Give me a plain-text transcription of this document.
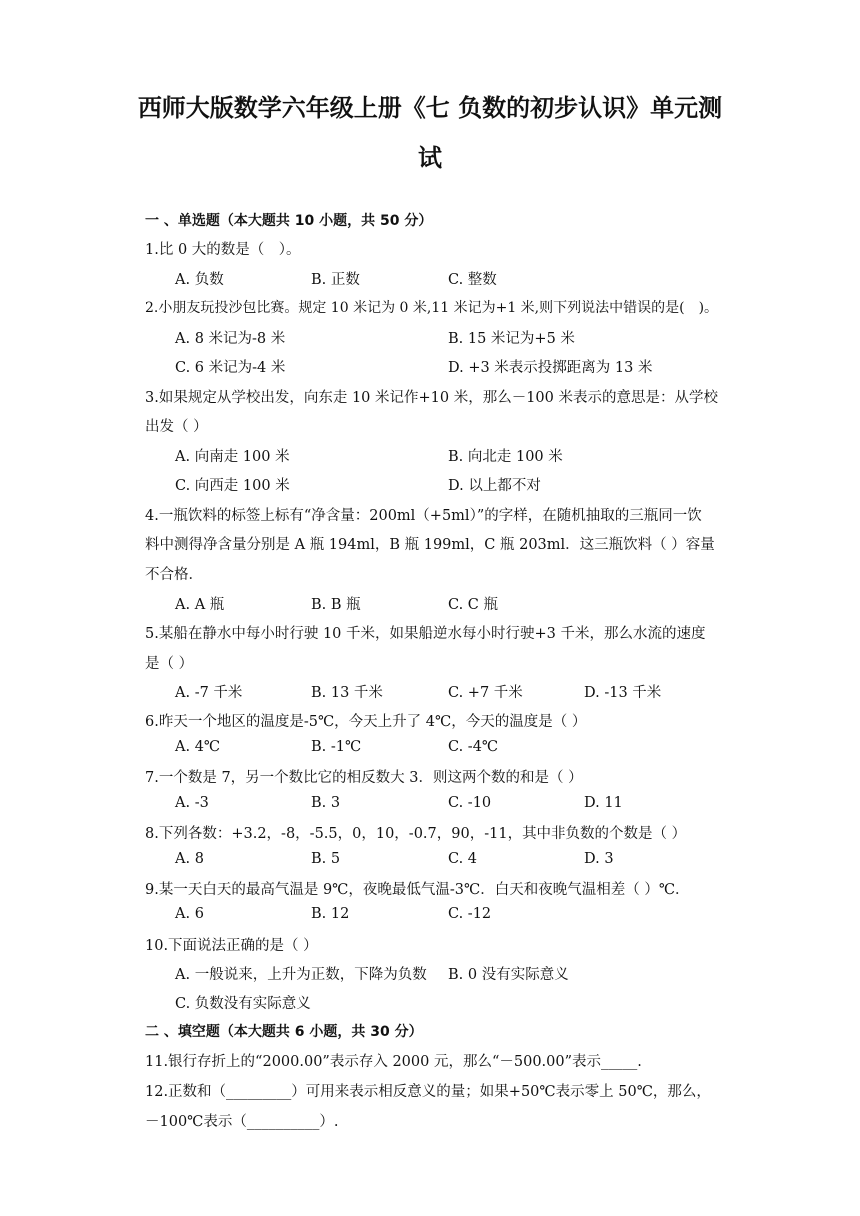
西师大版数学六年级上册《七 负数的初步认识》单元测
试
一 、单选题（本大题共 10 小题，共 50 分）
1.比 0 大的数是（　）。
A. 负数	B. 正数	C. 整数
2.小朋友玩投沙包比赛。规定 10 米记为 0 米,11 米记为+1 米,则下列说法中错误的是(　)。
A. 8 米记为-8 米	B. 15 米记为+5 米
C. 6 米记为-4 米	D. +3 米表示投掷距离为 13 米
3.如果规定从学校出发，向东走 10 米记作+10 米，那么－100 米表示的意思是：从学校
出发（ ）
A. 向南走 100 米	B. 向北走 100 米
C. 向西走 100 米	D. 以上都不对
4.一瓶饮料的标签上标有“净含量：200ml（+5ml）”的字样，在随机抽取的三瓶同一饮
料中测得净含量分别是 A 瓶 194ml，B 瓶 199ml，C 瓶 203ml．这三瓶饮料（ ）容量
不合格．
A. A 瓶	B. B 瓶	C. C 瓶
5.某船在静水中每小时行驶 10 千米，如果船逆水每小时行驶+3 千米，那么水流的速度
是（ ）
A. -7 千米	B. 13 千米	C. +7 千米	D. -13 千米
6.昨天一个地区的温度是-5℃，今天上升了 4℃，今天的温度是（ ）
A. 4℃	B. -1℃	C. -4℃
7.一个数是 7，另一个数比它的相反数大 3．则这两个数的和是（ ）
A. -3	B. 3	C. -10	D. 11
8.下列各数：+3.2，-8，-5.5，0，10，-0.7，90，-11，其中非负数的个数是（ ）
A. 8	B. 5	C. 4	D. 3
9.某一天白天的最高气温是 9℃，夜晚最低气温-3℃．白天和夜晚气温相差（ ）℃．
A. 6	B. 12	C. -12
10.下面说法正确的是（ ）
A. 一般说来，上升为正数，下降为负数 B. 0 没有实际意义
C. 负数没有实际意义
二 、填空题（本大题共 6 小题，共 30 分）
11.银行存折上的“2000.00”表示存入 2000 元，那么“－500.00”表示_____.
12.正数和（_________）可用来表示相反意义的量；如果+50℃表示零上 50℃，那么，
－100℃表示（__________）.
